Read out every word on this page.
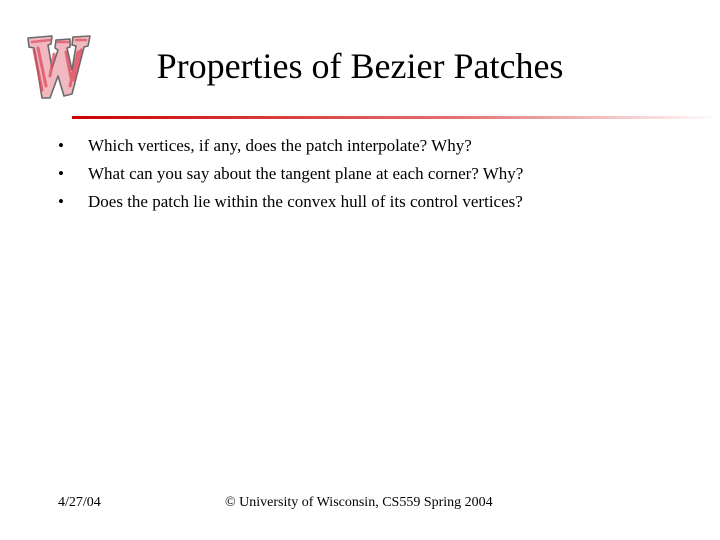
Properties of Bezier Patches
•	Which vertices, if any, does the patch interpolate? Why?
•	What can you say about the tangent plane at each corner? Why?
•	Does the patch lie within the convex hull of its control vertices?
4/27/04	© University of Wisconsin, CS559 Spring 2004
